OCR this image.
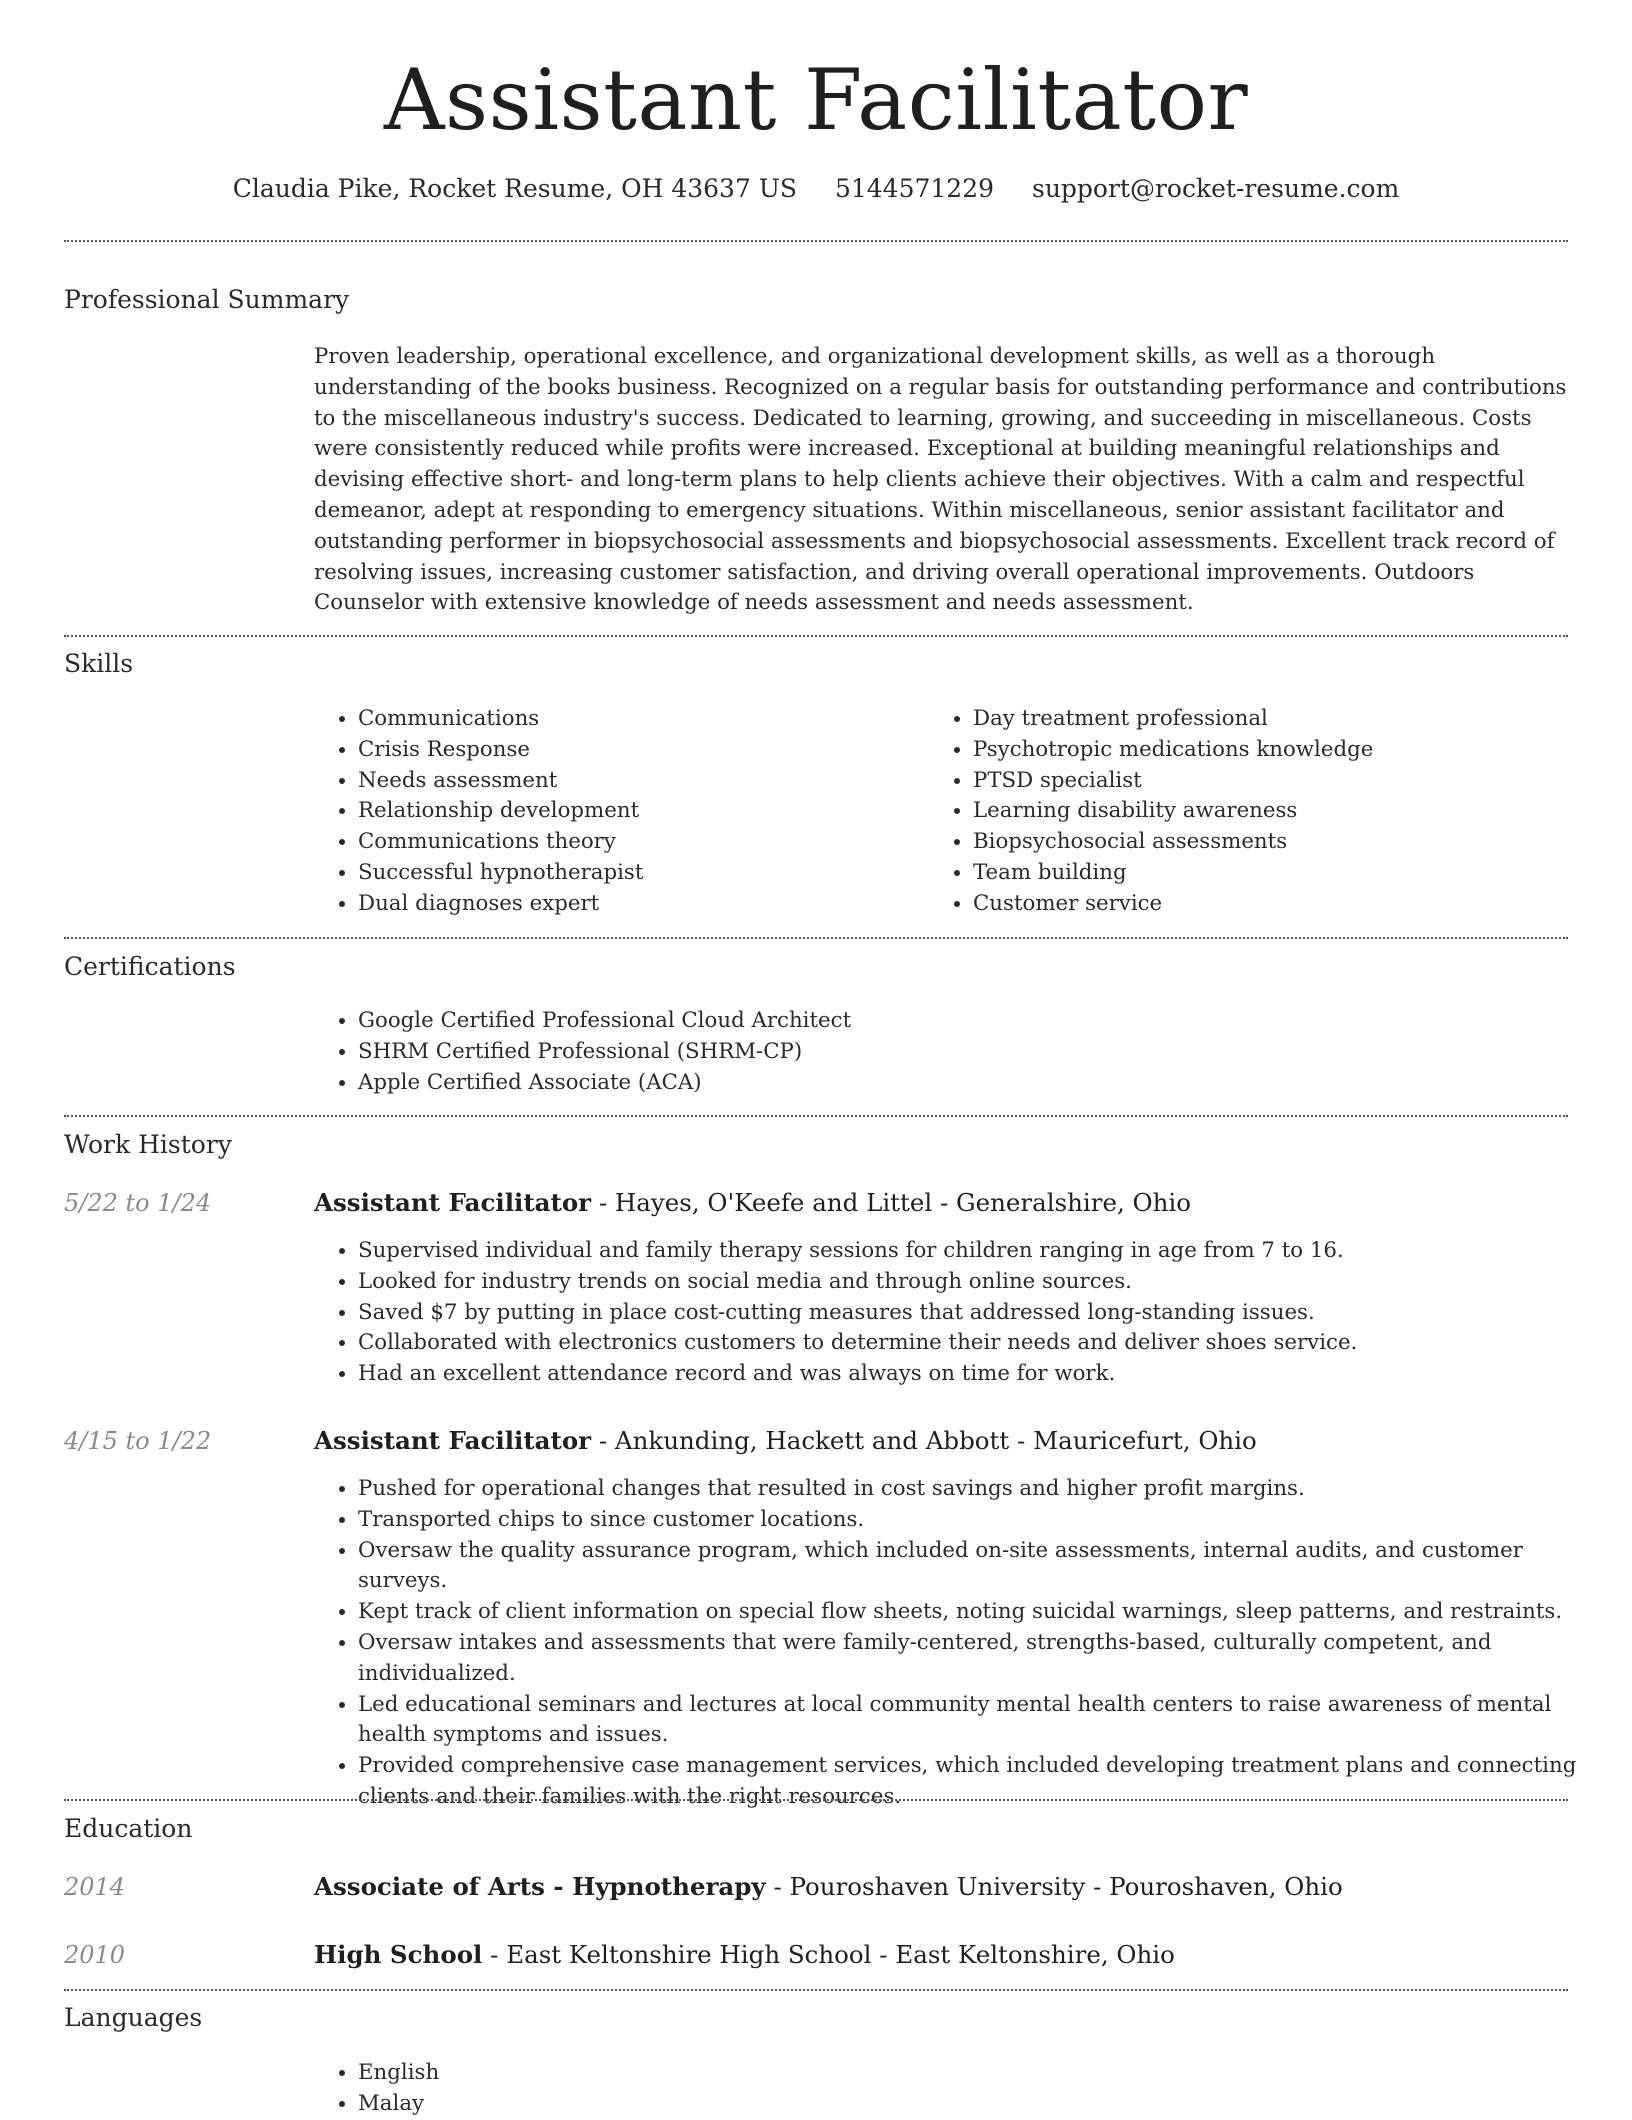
Assistant Facilitator
Claudia Pike, Rocket Resume, OH 43637 US 5144571229 support@rocket-resume.com
Professional Summary
Proven leadership, operational excellence, and organizational development skills, as well as a thorough understanding of the books business. Recognized on a regular basis for outstanding performance and contributions to the miscellaneous industry's success. Dedicated to learning, growing, and succeeding in miscellaneous. Costs were consistently reduced while profits were increased. Exceptional at building meaningful relationships and devising effective short- and long-term plans to help clients achieve their objectives. With a calm and respectful demeanor, adept at responding to emergency situations. Within miscellaneous, senior assistant facilitator and outstanding performer in biopsychosocial assessments and biopsychosocial assessments. Excellent track record of resolving issues, increasing customer satisfaction, and driving overall operational improvements. Outdoors Counselor with extensive knowledge of needs assessment and needs assessment.
Skills
• Communications
• Crisis Response
• Needs assessment
• Relationship development
• Communications theory
• Successful hypnotherapist
• Dual diagnoses expert
• Day treatment professional
• Psychotropic medications knowledge
• PTSD specialist
• Learning disability awareness
• Biopsychosocial assessments
• Team building
• Customer service
Certifications
• Google Certified Professional Cloud Architect
• SHRM Certified Professional (SHRM-CP)
• Apple Certified Associate (ACA)
Work History
5/22 to 1/24	Assistant Facilitator - Hayes, O'Keefe and Littel - Generalshire, Ohio
• Supervised individual and family therapy sessions for children ranging in age from 7 to 16.
• Looked for industry trends on social media and through online sources.
• Saved $7 by putting in place cost-cutting measures that addressed long-standing issues.
• Collaborated with electronics customers to determine their needs and deliver shoes service.
• Had an excellent attendance record and was always on time for work.
4/15 to 1/22	Assistant Facilitator - Ankunding, Hackett and Abbott - Mauricefurt, Ohio
• Pushed for operational changes that resulted in cost savings and higher profit margins.
• Transported chips to since customer locations.
• Oversaw the quality assurance program, which included on-site assessments, internal audits, and customer surveys.
• Kept track of client information on special flow sheets, noting suicidal warnings, sleep patterns, and restraints.
• Oversaw intakes and assessments that were family-centered, strengths-based, culturally competent, and individualized.
• Led educational seminars and lectures at local community mental health centers to raise awareness of mental health symptoms and issues.
• Provided comprehensive case management services, which included developing treatment plans and connecting clients and their families with the right resources.
Education
2014	Associate of Arts - Hypnotherapy - Pouroshaven University - Pouroshaven, Ohio
2010	High School - East Keltonshire High School - East Keltonshire, Ohio
Languages
• English
• Malay
